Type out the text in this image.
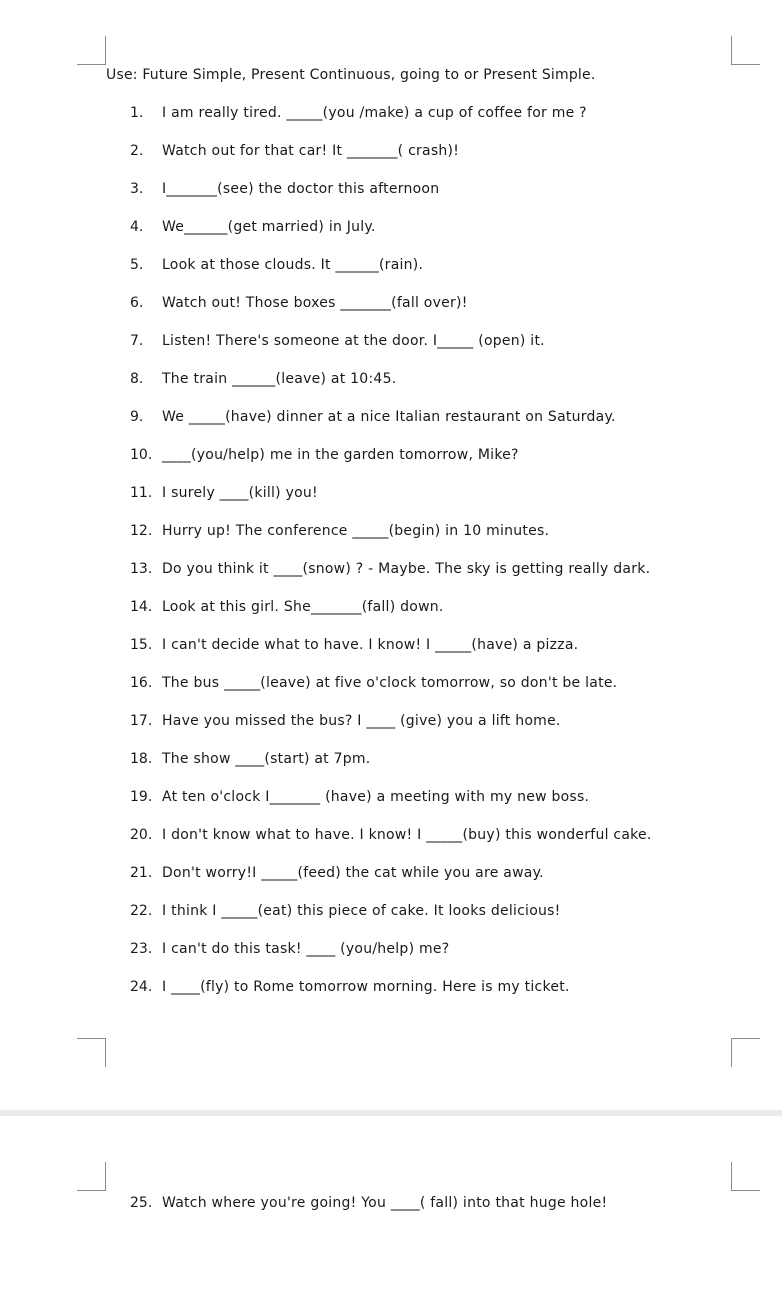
Use: Future Simple, Present Continuous, going to or Present Simple.
1. I am really tired. _____(you /make) a cup of coffee for me ?
2. Watch out for that car! It _______( crash)!
3. I_______(see) the doctor this afternoon
4. We______(get married) in July.
5. Look at those clouds. It ______(rain).
6. Watch out! Those boxes _______(fall over)!
7. Listen! There's someone at the door. I_____ (open) it.
8. The train ______(leave) at 10:45.
9. We _____(have) dinner at a nice Italian restaurant on Saturday.
10. ____(you/help) me in the garden tomorrow, Mike?
11. I surely ____(kill) you!
12. Hurry up! The conference _____(begin) in 10 minutes.
13. Do you think it ____(snow) ? - Maybe. The sky is getting really dark.
14. Look at this girl. She_______(fall) down.
15. I can't decide what to have. I know! I _____(have) a pizza.
16. The bus _____(leave) at five o'clock tomorrow, so don't be late.
17. Have you missed the bus? I ____ (give) you a lift home.
18. The show ____(start) at 7pm.
19. At ten o'clock I_______ (have) a meeting with my new boss.
20. I don't know what to have. I know! I _____(buy) this wonderful cake.
21. Don't worry!I _____(feed) the cat while you are away.
22. I think I _____(eat) this piece of cake. It looks delicious!
23. I can't do this task! ____ (you/help) me?
24. I ____(fly) to Rome tomorrow morning. Here is my ticket.
25. Watch where you're going! You ____( fall) into that huge hole!
